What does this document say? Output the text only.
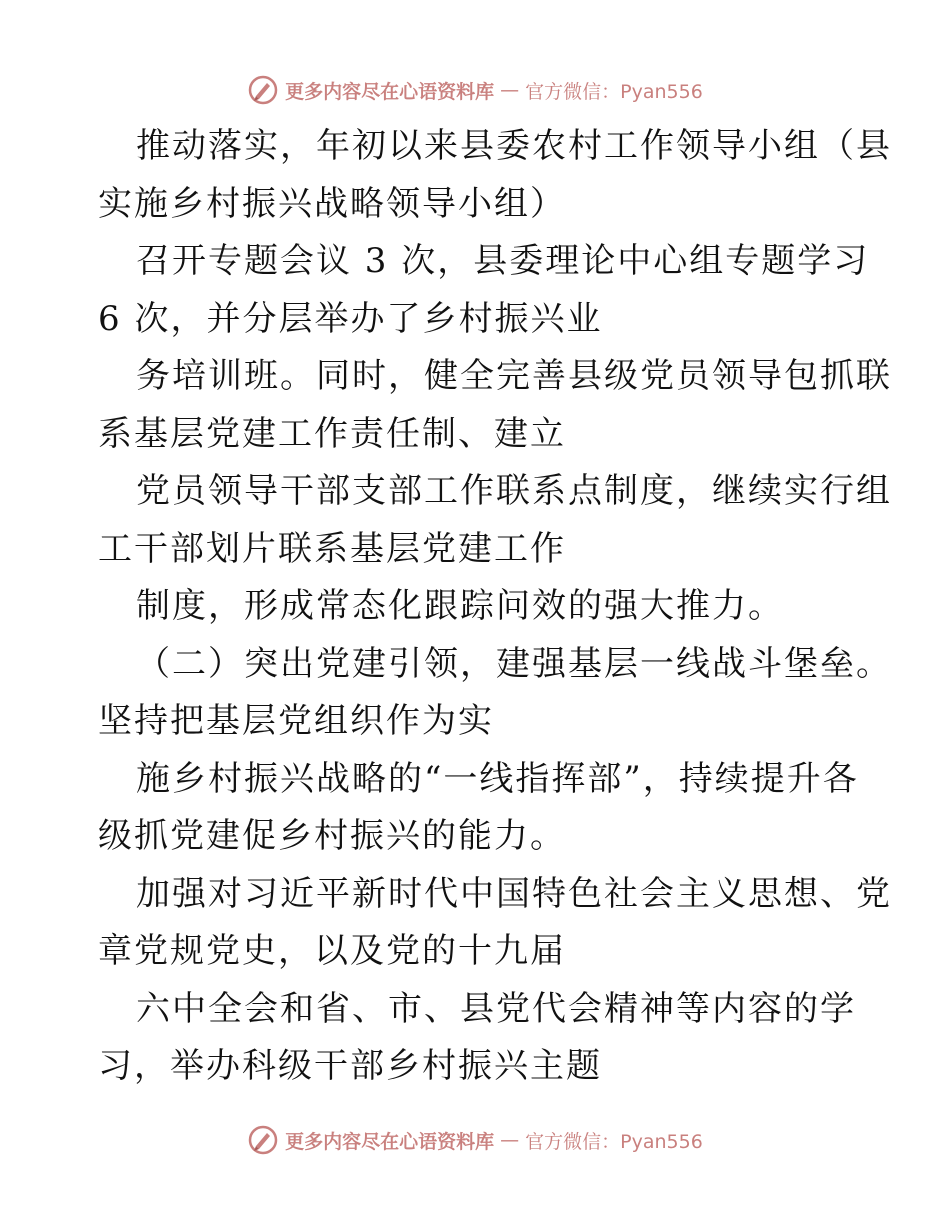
更多内容尽在心语资料库 — 官方微信：Pyan556
推动落实，年初以来县委农村工作领导小组（县
实施乡村振兴战略领导小组）
召开专题会议 3 次，县委理论中心组专题学习
6 次，并分层举办了乡村振兴业
务培训班。同时，健全完善县级党员领导包抓联
系基层党建工作责任制、建立
党员领导干部支部工作联系点制度，继续实行组
工干部划片联系基层党建工作
制度，形成常态化跟踪问效的强大推力。
（二）突出党建引领，建强基层一线战斗堡垒。
坚持把基层党组织作为实
施乡村振兴战略的“一线指挥部”，持续提升各
级抓党建促乡村振兴的能力。
加强对习近平新时代中国特色社会主义思想、党
章党规党史，以及党的十九届
六中全会和省、市、县党代会精神等内容的学
习，举办科级干部乡村振兴主题
更多内容尽在心语资料库 — 官方微信：Pyan556
